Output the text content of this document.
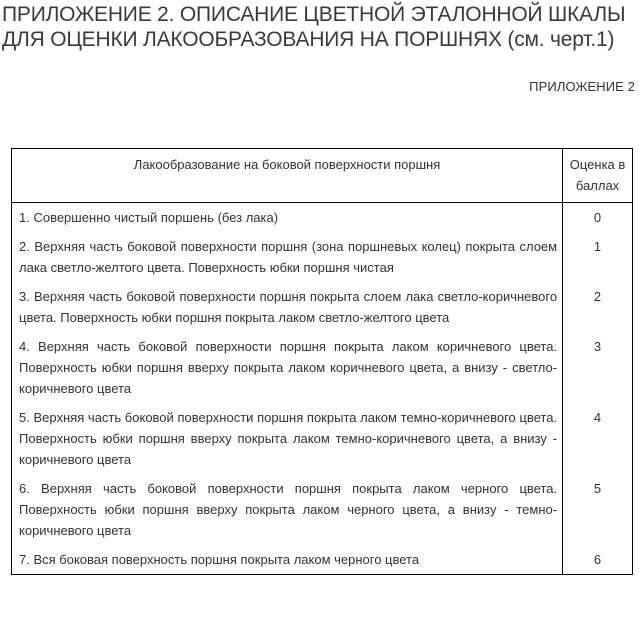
ПРИЛОЖЕНИЕ 2. ОПИСАНИЕ ЦВЕТНОЙ ЭТАЛОННОЙ ШКАЛЫ ДЛЯ ОЦЕНКИ ЛАКООБРАЗОВАНИЯ НА ПОРШНЯХ (см. черт.1)
ПРИЛОЖЕНИЕ 2
Лакообразование на боковой поверхности поршня	Оценка в баллах
1. Совершенно чистый поршень (без лака)	0
2. Верхняя часть боковой поверхности поршня (зона поршневых колец) покрыта слоем лака светло-желтого цвета. Поверхность юбки поршня чистая	1
3. Верхняя часть боковой поверхности поршня покрыта слоем лака светло-коричневого цвета. Поверхность юбки поршня покрыта лаком светло-желтого цвета	2
4. Верхняя часть боковой поверхности поршня покрыта лаком коричневого цвета. Поверхность юбки поршня вверху покрыта лаком коричневого цвета, а внизу - светло-коричневого цвета	3
5. Верхняя часть боковой поверхности поршня покрыта лаком темно-коричневого цвета. Поверхность юбки поршня вверху покрыта лаком темно-коричневого цвета, а внизу - коричневого цвета	4
6. Верхняя часть боковой поверхности поршня покрыта лаком черного цвета. Поверхность юбки поршня вверху покрыта лаком черного цвета, а внизу - темно-коричневого цвета	5
7. Вся боковая поверхность поршня покрыта лаком черного цвета	6
